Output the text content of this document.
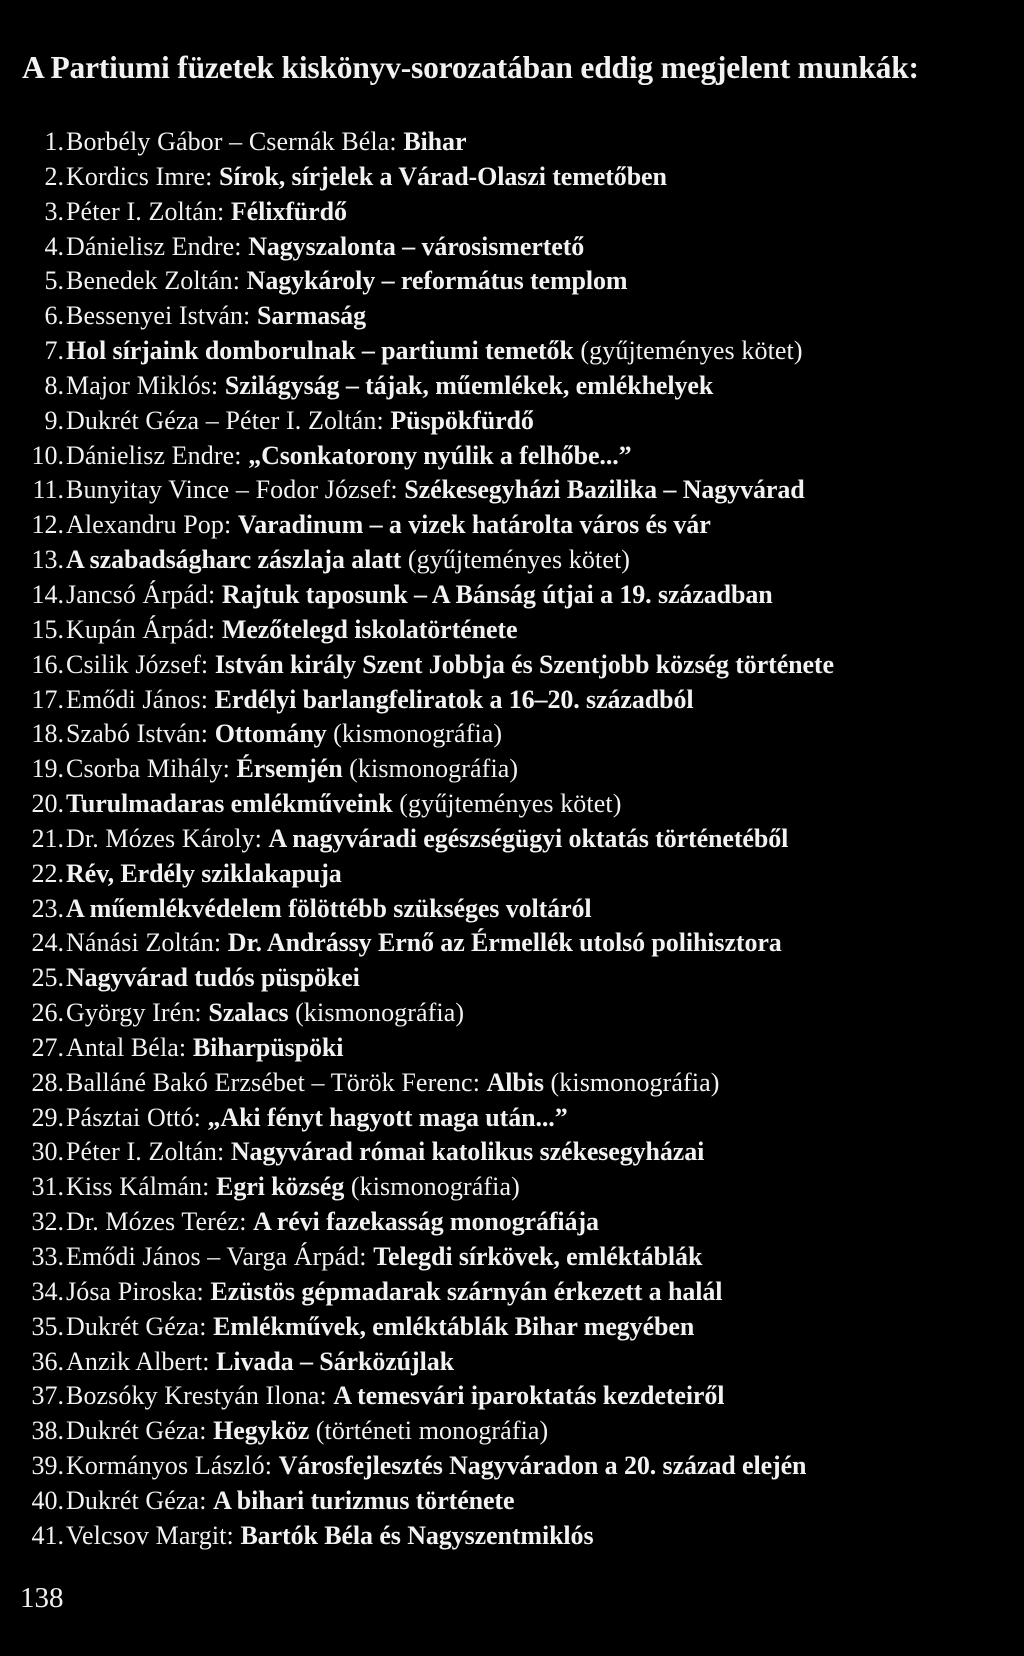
A Partiumi füzetek kiskönyv-sorozatában eddig megjelent munkák:
1. Borbély Gábor – Csernák Béla: Bihar
2. Kordics Imre: Sírok, sírjelek a Várad-Olaszi temetőben
3. Péter I. Zoltán: Félixfürdő
4. Dánielisz Endre: Nagyszalonta – városismertető
5. Benedek Zoltán: Nagykároly – református templom
6. Bessenyei István: Sarmaság
7. Hol sírjaink domborulnak – partiumi temetők (gyűjteményes kötet)
8. Major Miklós: Szilágyság – tájak, műemlékek, emlékhelyek
9. Dukrét Géza – Péter I. Zoltán: Püspökfürdő
10. Dánielisz Endre: „Csonkatorony nyúlik a felhőbe...”
11. Bunyitay Vince – Fodor József: Székesegyházi Bazilika – Nagyvárad
12. Alexandru Pop: Varadinum – a vizek határolta város és vár
13. A szabadságharc zászlaja alatt (gyűjteményes kötet)
14. Jancsó Árpád: Rajtuk taposunk – A Bánság útjai a 19. században
15. Kupán Árpád: Mezőtelegd iskolatörténete
16. Csilik József: István király Szent Jobbja és Szentjobb község története
17. Emődi János: Erdélyi barlangfeliratok a 16–20. századból
18. Szabó István: Ottomány (kismonográfia)
19. Csorba Mihály: Érsemjén (kismonográfia)
20. Turulmadaras emlékműveink (gyűjteményes kötet)
21. Dr. Mózes Károly: A nagyváradi egészségügyi oktatás történetéből
22. Rév, Erdély sziklakapuja
23. A műemlékvédelem fölöttébb szükséges voltáról
24. Nánási Zoltán: Dr. Andrássy Ernő az Érmellék utolsó polihisztora
25. Nagyvárad tudós püspökei
26. György Irén: Szalacs (kismonográfia)
27. Antal Béla: Biharpüspöki
28. Balláné Bakó Erzsébet – Török Ferenc: Albis (kismonográfia)
29. Pásztai Ottó: „Aki fényt hagyott maga után...”
30. Péter I. Zoltán: Nagyvárad római katolikus székesegyházai
31. Kiss Kálmán: Egri község (kismonográfia)
32. Dr. Mózes Teréz: A révi fazekasság monográfiája
33. Emődi János – Varga Árpád: Telegdi sírkövek, emléktáblák
34. Jósa Piroska: Ezüstös gépmadarak szárnyán érkezett a halál
35. Dukrét Géza: Emlékművek, emléktáblák Bihar megyében
36. Anzik Albert: Livada – Sárközújlak
37. Bozsóky Krestyán Ilona: A temesvári iparoktatás kezdeteiről
38. Dukrét Géza: Hegyköz (történeti monográfia)
39. Kormányos László: Városfejlesztés Nagyváradon a 20. század elején
40. Dukrét Géza: A bihari turizmus története
41. Velcsov Margit: Bartók Béla és Nagyszentmiklós
138
